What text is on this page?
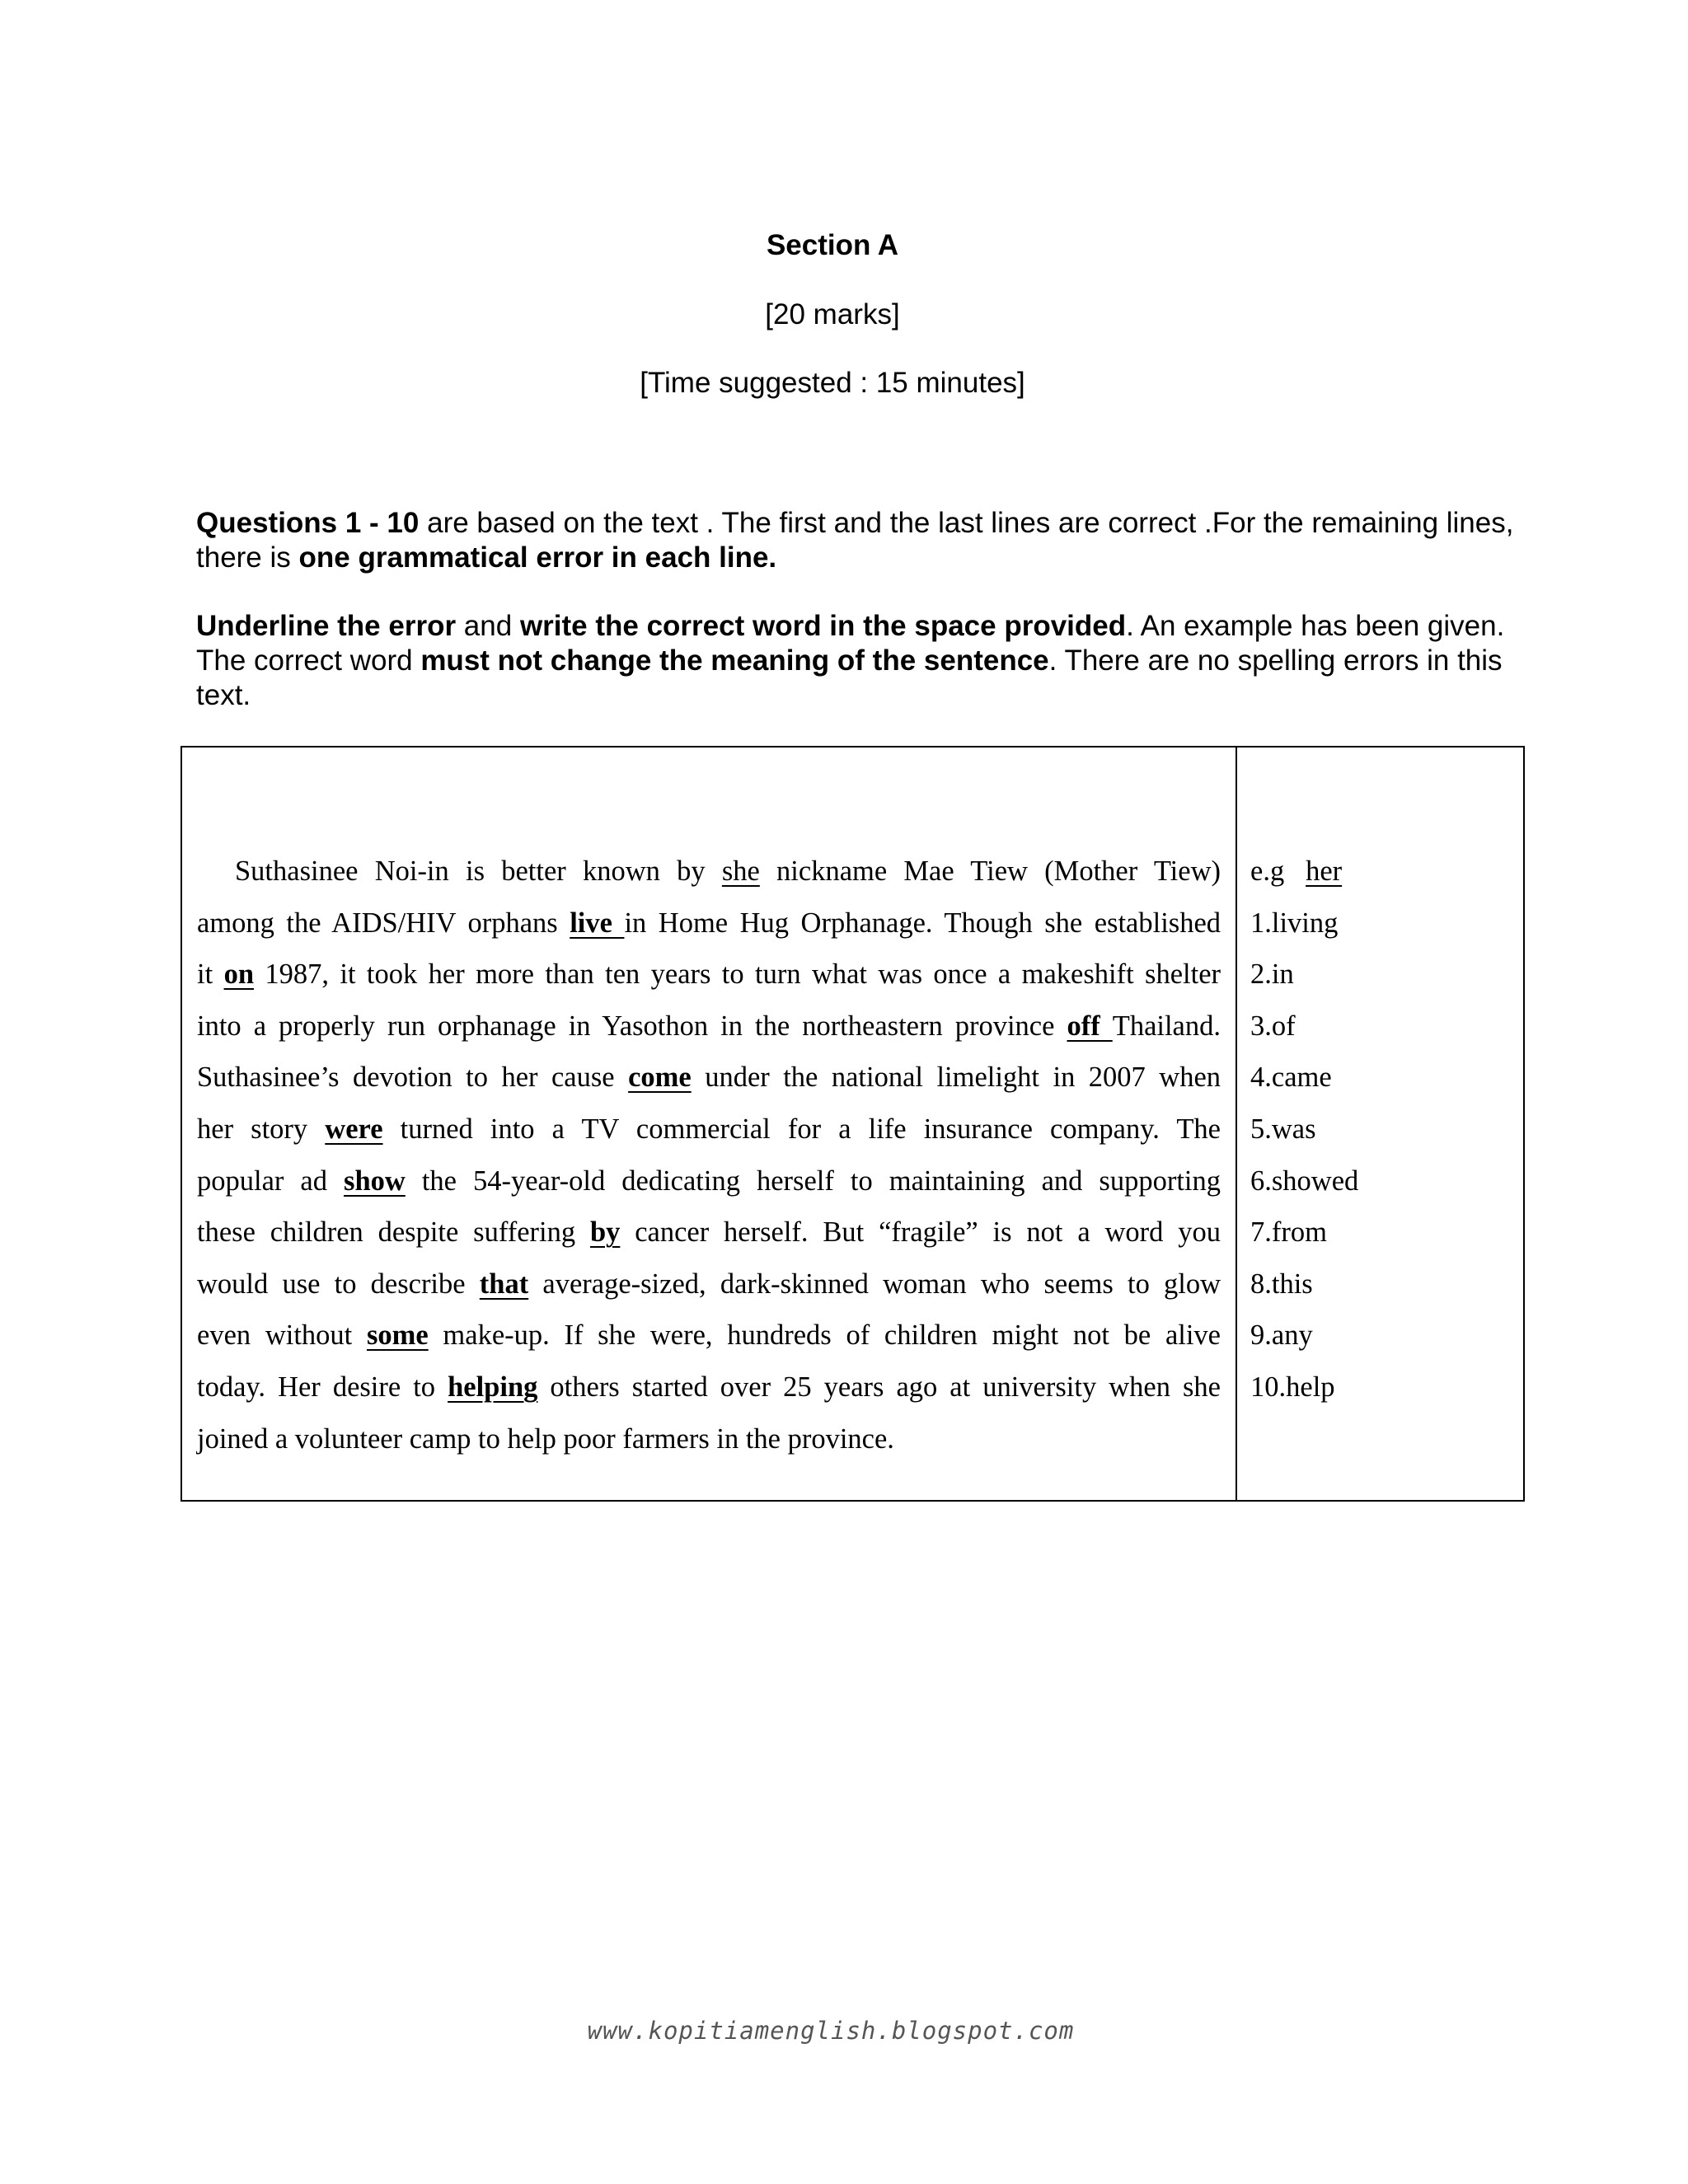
Section A
[20 marks]
[Time suggested : 15 minutes]
Questions 1 - 10 are based on the text . The first and the last lines are correct .For the remaining lines, there is one grammatical error in each line.
Underline the error and write the correct word in the space provided. An example has been given. The correct word must not change the meaning of the sentence. There are no spelling errors in this text.
Suthasinee Noi-in is better known by she nickname Mae Tiew (Mother Tiew)
among the AIDS/HIV orphans live in Home Hug Orphanage. Though she established
it on 1987, it took her more than ten years to turn what was once a makeshift shelter
into a properly run orphanage in Yasothon in the northeastern province off Thailand.
Suthasinee’s devotion to her cause come under the national limelight in 2007 when
her story were turned into a TV commercial for a life insurance company. The
popular ad show the 54-year-old dedicating herself to maintaining and supporting
these children despite suffering by cancer herself. But “fragile” is not a word you
would use to describe that average-sized, dark-skinned woman who seems to glow
even without some make-up. If she were, hundreds of children might not be alive
today. Her desire to helping others started over 25 years ago at university when she
joined a volunteer camp to help poor farmers in the province.
e.g her
1.living
2.in
3.of
4.came
5.was
6.showed
7.from
8.this
9.any
10.help
www.kopitiamenglish.blogspot.com
